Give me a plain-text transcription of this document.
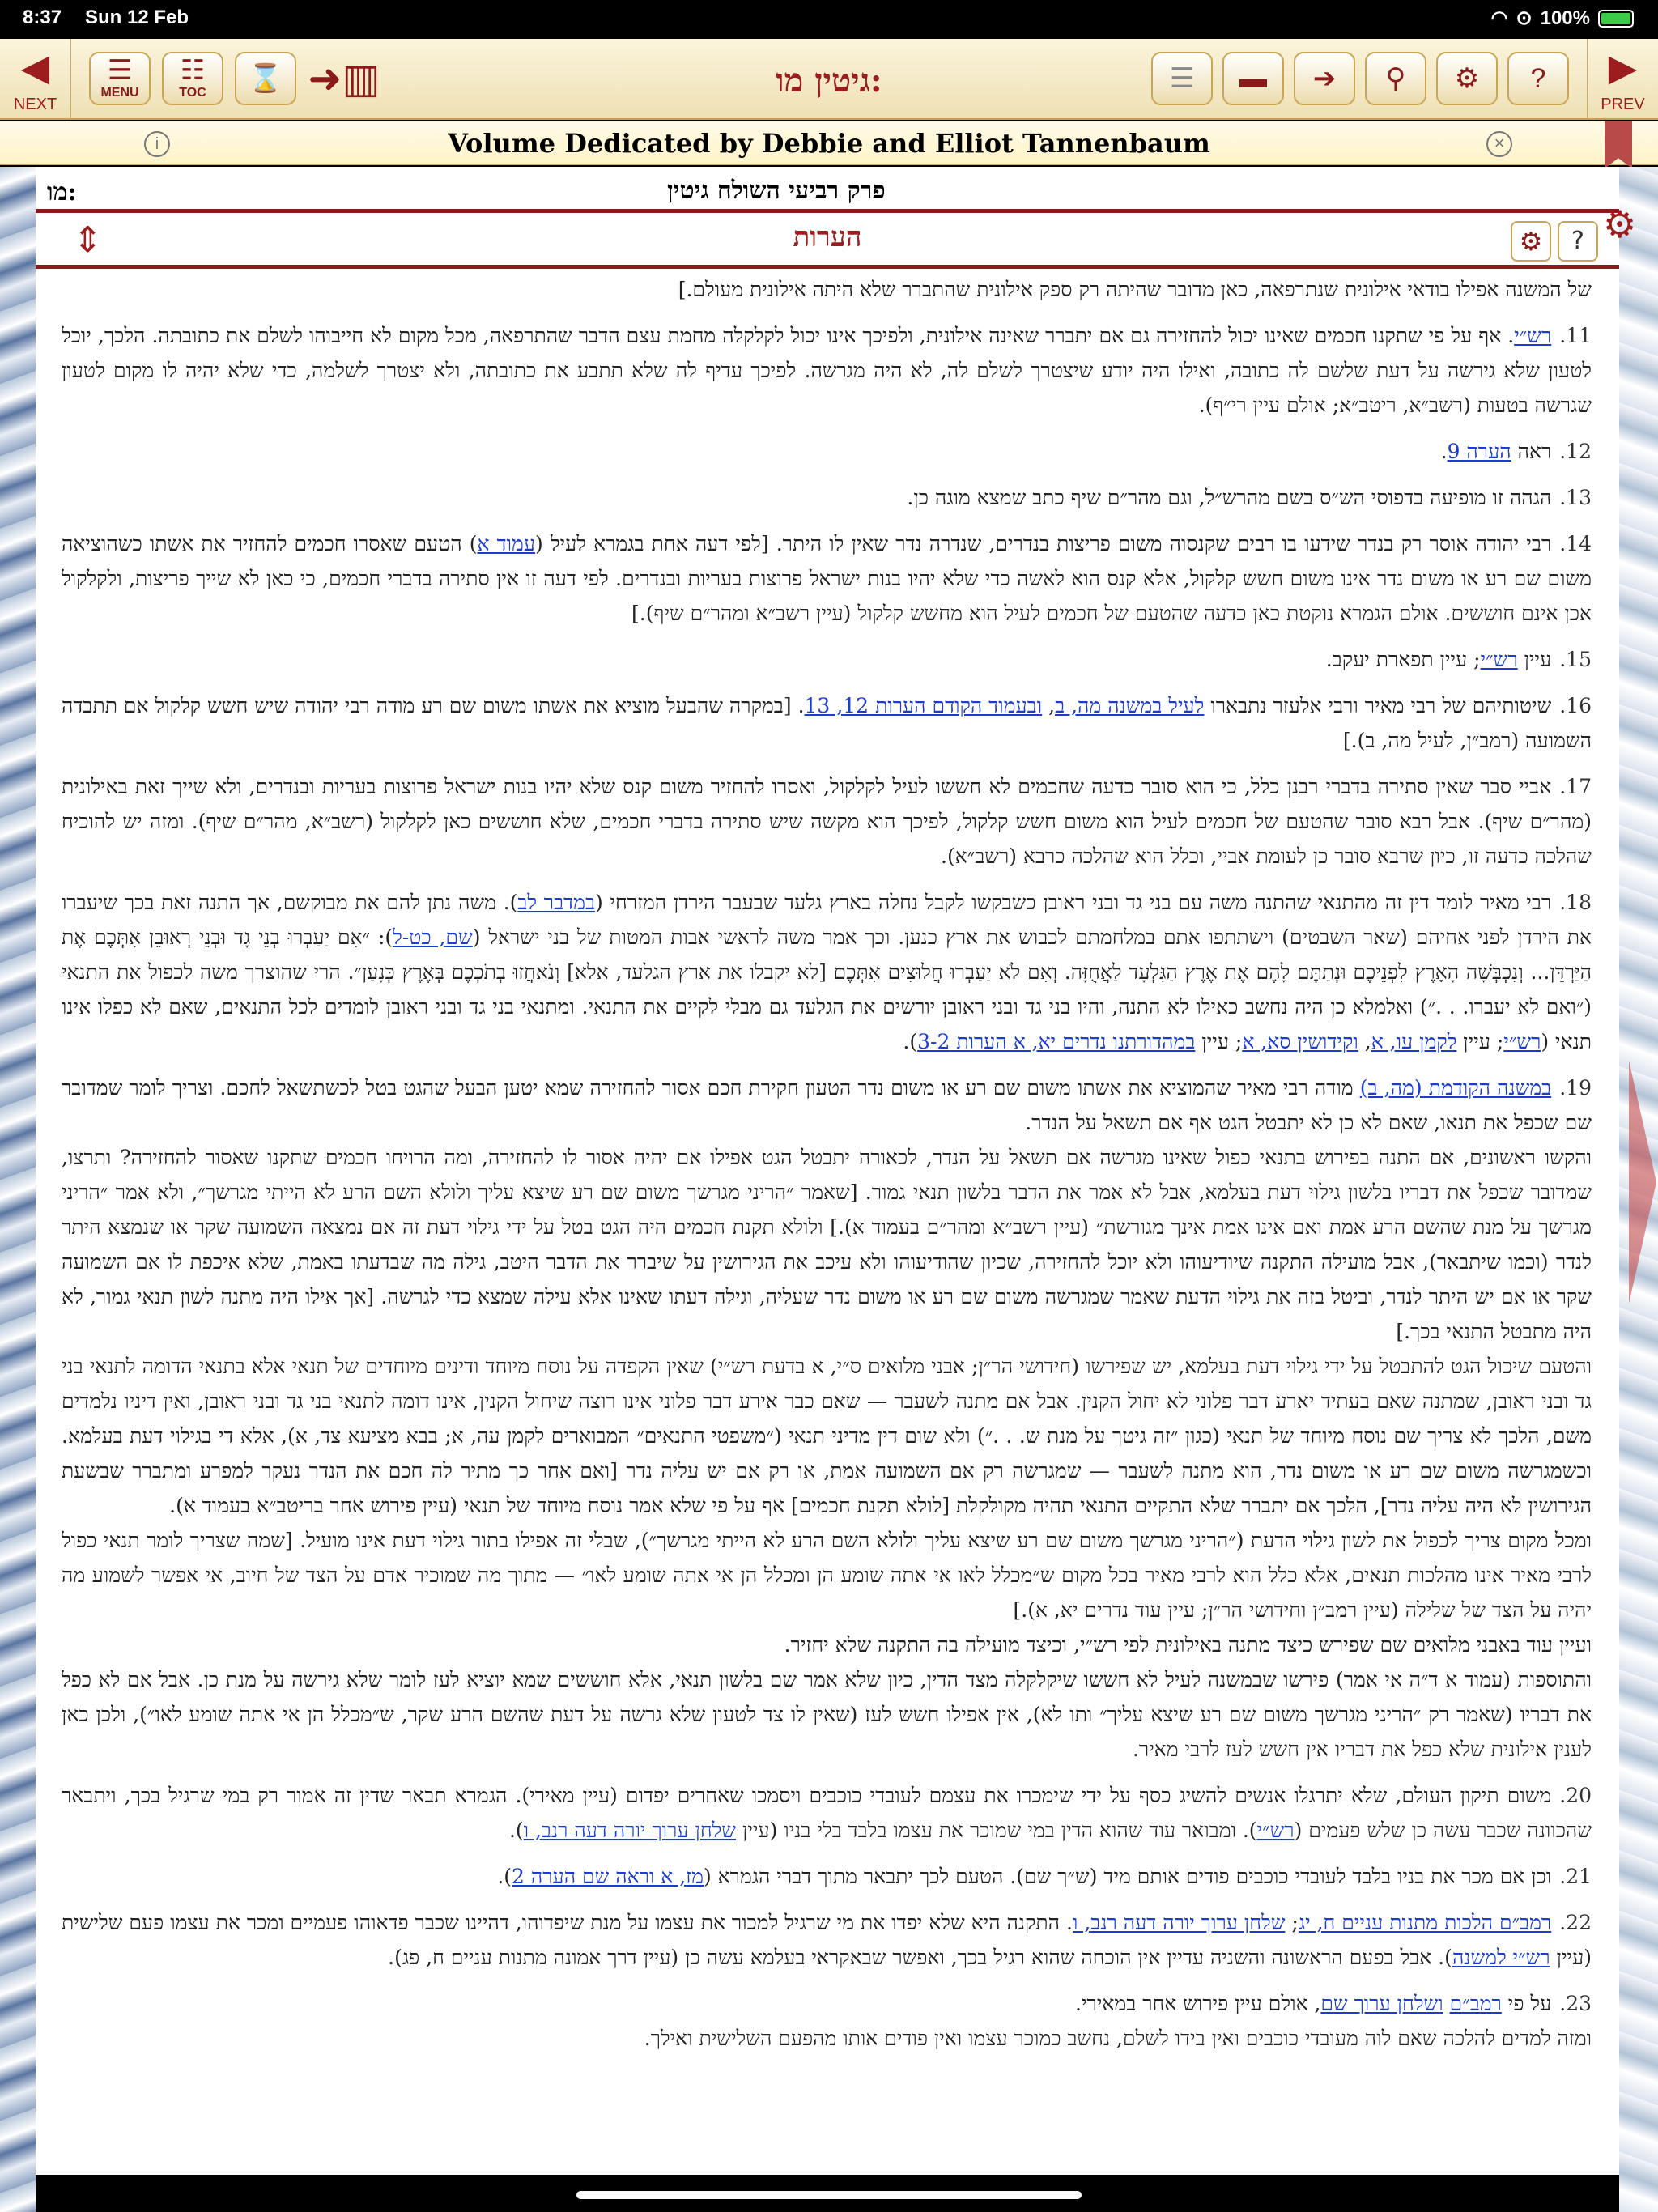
8:37 Sun 12 Feb	◠ ⊙ 100%
◀
NEXT
☰
MENU
☷
TOC ⌛ ➜▥	גיטין מו:	☰ ▬ ➔ ⚲ ⚙ ?	▶
PREV
i	Volume Dedicated by Debbie and Elliot Tannenbaum	×
מו:	פרק רביעי השולח גיטין
⇕	הערות	⚙	?

של המשנה אפילו בודאי אילונית שנתרפאה, כאן מדובר שהיתה רק ספק אילונית שהתברר שלא היתה אילונית מעולם.]

11.רש״י. אף על פי שתקנו חכמים שאינו יכול להחזירה גם אם יתברר שאינה אילונית, ולפיכך אינו יכול לקלקלה מחמת עצם הדבר שהתרפאה, מכל מקום לא חייבוהו לשלם את כתובתה. הלכך, יוכל לטעון שלא גירשה על דעת שלשם לה כתובה, ואילו היה יודע שיצטרך לשלם לה, לא היה מגרשה. לפיכך עדיף לה שלא תתבע את כתובתה, ולא יצטרך לשלמה, כדי שלא יהיה לו מקום לטעון שגרשה בטעות (רשב״א, ריטב״א; אולם עיין רי״ף).

12.ראה הערה 9.

13.הגהה זו מופיעה בדפוסי הש״ס בשם מהרש״ל, וגם מהר״ם שיף כתב שמצא מוגה כן.

14.רבי יהודה אוסר רק בנדר שידעו בו רבים שקנסוה משום פריצות בנדרים, שנדרה נדר שאין לו היתר. [לפי דעה אחת בגמרא לעיל (עמוד א) הטעם שאסרו חכמים להחזיר את אשתו כשהוציאה משום שם רע או משום נדר אינו משום חשש קלקול, אלא קנס הוא לאשה כדי שלא יהיו בנות ישראל פרוצות בעריות ובנדרים. לפי דעה זו אין סתירה בדברי חכמים, כי כאן לא שייך פריצות, ולקלקול אכן אינם חוששים. אולם הגמרא נוקטת כאן כדעה שהטעם של חכמים לעיל הוא מחשש קלקול (עיין רשב״א ומהר״ם שיף).]

15.עיין רש״י; עיין תפארת יעקב.

16.שיטותיהם של רבי מאיר ורבי אלעזר נתבארו לעיל במשנה מה, ב, ובעמוד הקודם הערות 12, 13. [במקרה שהבעל מוציא את אשתו משום שם רע מודה רבי יהודה שיש חשש קלקול אם תתבדה השמועה (רמב״ן, לעיל מה, ב).]

17.אביי סבר שאין סתירה בדברי רבנן כלל, כי הוא סובר כדעה שחכמים לא חששו לעיל לקלקול, ואסרו להחזיר משום קנס שלא יהיו בנות ישראל פרוצות בעריות ובנדרים, ולא שייך זאת באילונית (מהר״ם שיף). אבל רבא סובר שהטעם של חכמים לעיל הוא משום חשש קלקול, לפיכך הוא מקשה שיש סתירה בדברי חכמים, שלא חוששים כאן לקלקול (רשב״א, מהר״ם שיף). ומזה יש להוכיח שהלכה כדעה זו, כיון שרבא סובר כן לעומת אביי, וכלל הוא שהלכה כרבא (רשב״א).

18.רבי מאיר לומד דין זה מהתנאי שהתנה משה עם בני גד ובני ראובן כשבקשו לקבל נחלה בארץ גלעד שבעבר הירדן המזרחי (במדבר לב). משה נתן להם את מבוקשם, אך התנה זאת בכך שיעברו את הירדן לפני אחיהם (שאר השבטים) וישתתפו אתם במלחמתם לכבוש את ארץ כנען. וכך אמר משה לראשי אבות המטות של בני ישראל (שם, כט-ל): ״אִם יַעַבְרוּ בְנֵי גָד וּבְנֵי רְאוּבֵן אִתְּכֶם אֶת הַיַּרְדֵּן... וְנִכְבְּשָׁה הָאָרֶץ לִפְנֵיכֶם וּנְתַתֶּם לָהֶם אֶת אֶרֶץ הַגִּלְעָד לַאֲחֻזָּה. וְאִם לֹא יַעַבְרוּ חֲלוּצִים אִתְּכֶם [לא יקבלו את ארץ הגלעד, אלא] וְנֹאחֲזוּ בְתֹכְכֶם בְּאֶרֶץ כְּנָעַן״. הרי שהוצרך משה לכפול את התנאי (״ואם לא יעברו. . .״) ואלמלא כן היה נחשב כאילו לא התנה, והיו בני גד ובני ראובן יורשים את הגלעד גם מבלי לקיים את התנאי. ומתנאי בני גד ובני ראובן לומדים לכל התנאים, שאם לא כפלו אינו תנאי (רש״י; עיין לקמן עו, א, וקידושין סא, א; עיין במהדורתנו נדרים יא, א הערות 3-2).

19.במשנה הקודמת (מה, ב) מודה רבי מאיר שהמוציא את אשתו משום שם רע או משום נדר הטעון חקירת חכם אסור להחזירה שמא יטען הבעל שהגט בטל לכשתשאל לחכם. וצריך לומר שמדובר שם שכפל את תנאו, שאם לא כן לא יתבטל הגט אף אם תשאל על הנדר.

והקשו ראשונים, אם התנה בפירוש בתנאי כפול שאינו מגרשה אם תשאל על הנדר, לכאורה יתבטל הגט אפילו אם יהיה אסור לו להחזירה, ומה הרויחו חכמים שתקנו שאסור להחזירה? ותרצו, שמדובר שכפל את דבריו בלשון גילוי דעת בעלמא, אבל לא אמר את הדבר בלשון תנאי גמור. [שאמר ״הריני מגרשך משום שם רע שיצא עליך ולולא השם הרע לא הייתי מגרשך״, ולא אמר ״הריני מגרשך על מנת שהשם הרע אמת ואם אינו אמת אינך מגורשת״ (עיין רשב״א ומהר״ם בעמוד א).] ולולא תקנת חכמים היה הגט בטל על ידי גילוי דעת זה אם נמצאה השמועה שקר או שנמצא היתר לנדר (וכמו שיתבאר), אבל מועילה התקנה שיודיעוהו ולא יוכל להחזירה, שכיון שהודיעוהו ולא עיכב את הגירושין על שיברר את הדבר היטב, גילה מה שבדעתו באמת, שלא איכפת לו אם השמועה שקר או אם יש היתר לנדר, וביטל בזה את גילוי הדעת שאמר שמגרשה משום שם רע או משום נדר שעליה, וגילה דעתו שאינו אלא עילה שמצא כדי לגרשה. [אך אילו היה מתנה לשון תנאי גמור, לא היה מתבטל התנאי בכך.]

והטעם שיכול הגט להתבטל על ידי גילוי דעת בעלמא, יש שפירשו (חידושי הר״ן; אבני מלואים ס״י, א בדעת רש״י) שאין הקפדה על נוסח מיוחד ודינים מיוחדים של תנאי אלא בתנאי הדומה לתנאי בני גד ובני ראובן, שמתנה שאם בעתיד יארע דבר פלוני לא יחול הקנין. אבל אם מתנה לשעבר — שאם כבר אירע דבר פלוני אינו רוצה שיחול הקנין, אינו דומה לתנאי בני גד ובני ראובן, ואין דיניו נלמדים משם, הלכך לא צריך שם נוסח מיוחד של תנאי (כגון ״זה גיטך על מנת ש. . .״) ולא שום דין מדיני תנאי (״משפטי התנאים״ המבוארים לקמן עה, א; בבא מציעא צד, א), אלא די בגילוי דעת בעלמא. וכשמגרשה משום שם רע או משום נדר, הוא מתנה לשעבר — שמגרשה רק אם השמועה אמת, או רק אם יש עליה נדר [ואם אחר כך מתיר לה חכם את הנדר נעקר למפרע ומתברר שבשעת הגירושין לא היה עליה נדר], הלכך אם יתברר שלא התקיים התנאי תהיה מקולקלת [לולא תקנת חכמים] אף על פי שלא אמר נוסח מיוחד של תנאי (עיין פירוש אחר בריטב״א בעמוד א).

ומכל מקום צריך לכפול את לשון גילוי הדעת (״הריני מגרשך משום שם רע שיצא עליך ולולא השם הרע לא הייתי מגרשך״), שבלי זה אפילו בתור גילוי דעת אינו מועיל. [שמה שצריך לומר תנאי כפול לרבי מאיר אינו מהלכות תנאים, אלא כלל הוא לרבי מאיר בכל מקום ש״מכלל לאו אי אתה שומע הן ומכלל הן אי אתה שומע לאו״ — מתוך מה שמוכיר אדם על הצד של חיוב, אי אפשר לשמוע מה יהיה על הצד של שלילה (עיין רמב״ן וחידושי הר״ן; עיין עוד נדרים יא, א).]

ועיין עוד באבני מלואים שם שפירש כיצד מתנה באילונית לפי רש״י, וכיצד מועילה בה התקנה שלא יחזיר.

והתוספות (עמוד א ד״ה אי אמר) פירשו שבמשנה לעיל לא חששו שיקלקלה מצד הדין, כיון שלא אמר שם בלשון תנאי, אלא חוששים שמא יוציא לעז לומר שלא גירשה על מנת כן. אבל אם לא כפל את דבריו (שאמר רק ״הריני מגרשך משום שם רע שיצא עליך״ ותו לא), אין אפילו חשש לעז (שאין לו צד לטעון שלא גרשה על דעת שהשם הרע שקר, ש״מכלל הן אי אתה שומע לאו״), ולכן כאן לענין אילונית שלא כפל את דבריו אין חשש לעז לרבי מאיר.

20.משום תיקון העולם, שלא יתרגלו אנשים להשיג כסף על ידי שימכרו את עצמם לעובדי כוכבים ויסמכו שאחרים יפדום (עיין מאירי). הגמרא תבאר שדין זה אמור רק במי שרגיל בכך, ויתבאר שהכוונה שכבר עשה כן שלש פעמים (רש״י). ומבואר עוד שהוא הדין במי שמוכר את עצמו בלבד בלי בניו (עיין שלחן ערוך יורה דעה רנב, ו).

21.וכן אם מכר את בניו בלבד לעובדי כוכבים פודים אותם מיד (ש״ך שם). הטעם לכך יתבאר מתוך דברי הגמרא (מז, א וראה שם הערה 2).

22.רמב״ם הלכות מתנות עניים ח, יג; שלחן ערוך יורה דעה רנב, ו. התקנה היא שלא יפדו את מי שרגיל למכור את עצמו על מנת שיפדוהו, דהיינו שכבר פדאוהו פעמיים ומכר את עצמו פעם שלישית (עיין רש״י למשנה). אבל בפעם הראשונה והשניה עדיין אין הוכחה שהוא רגיל בכך, ואפשר שבאקראי בעלמא עשה כן (עיין דרך אמונה מתנות עניים ח, פג).

23.על פי רמב״ם ושלחן ערוך שם, אולם עיין פירוש אחר במאירי.

ומזה למדים להלכה שאם לוה מעובדי כוכבים ואין בידו לשלם, נחשב כמוכר עצמו ואין פודים אותו מהפעם השלישית ואילך.

⚙
